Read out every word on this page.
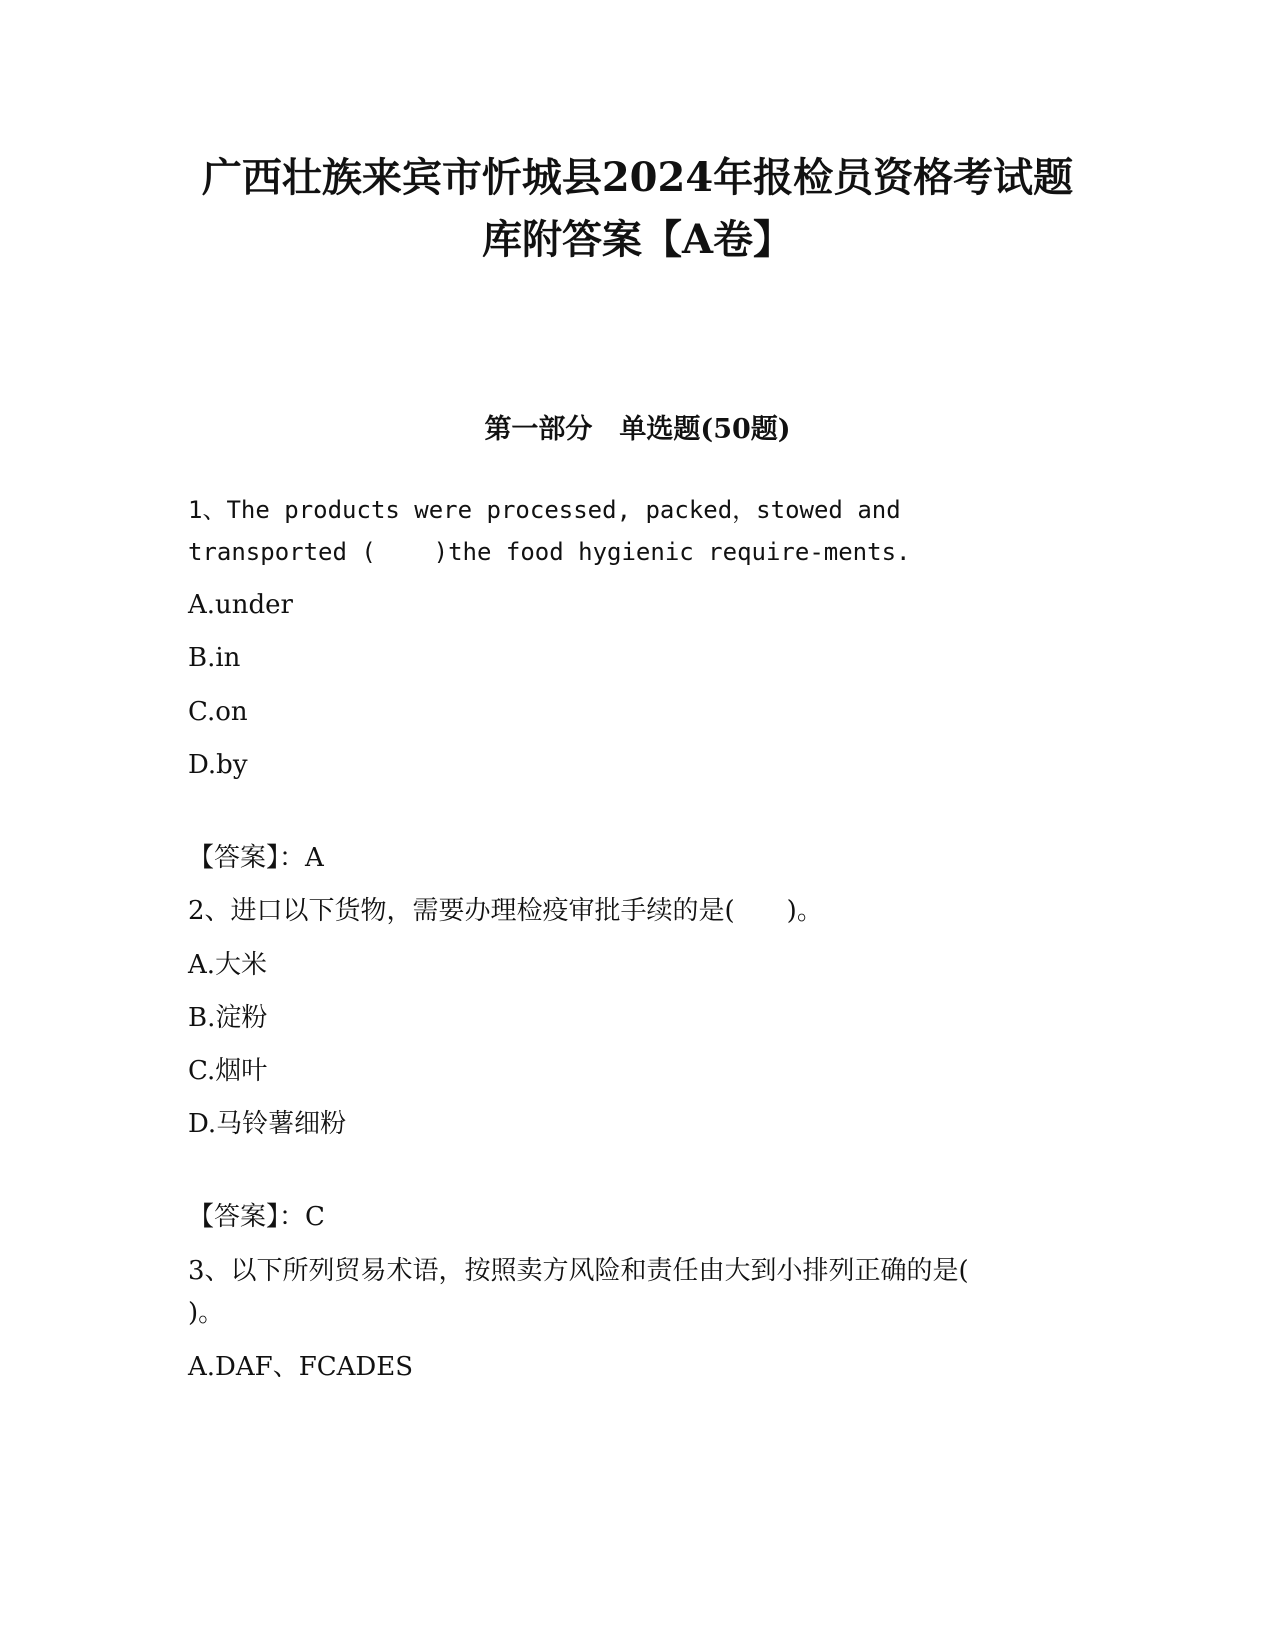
广西壮族来宾市忻城县2024年报检员资格考试题
库附答案【A卷】
第一部分　单选题(50题)

1、The products were processed, packed，stowed and

transported (    )the food hygienic require-ments.

A.under

B.in

C.on

D.by

【答案】：A

2、进口以下货物，需要办理检疫审批手续的是(　　)。

A.大米

B.淀粉

C.烟叶

D.马铃薯细粉

【答案】：C

3、以下所列贸易术语，按照卖方风险和责任由大到小排列正确的是(

)。

A.DAF、FCADES
